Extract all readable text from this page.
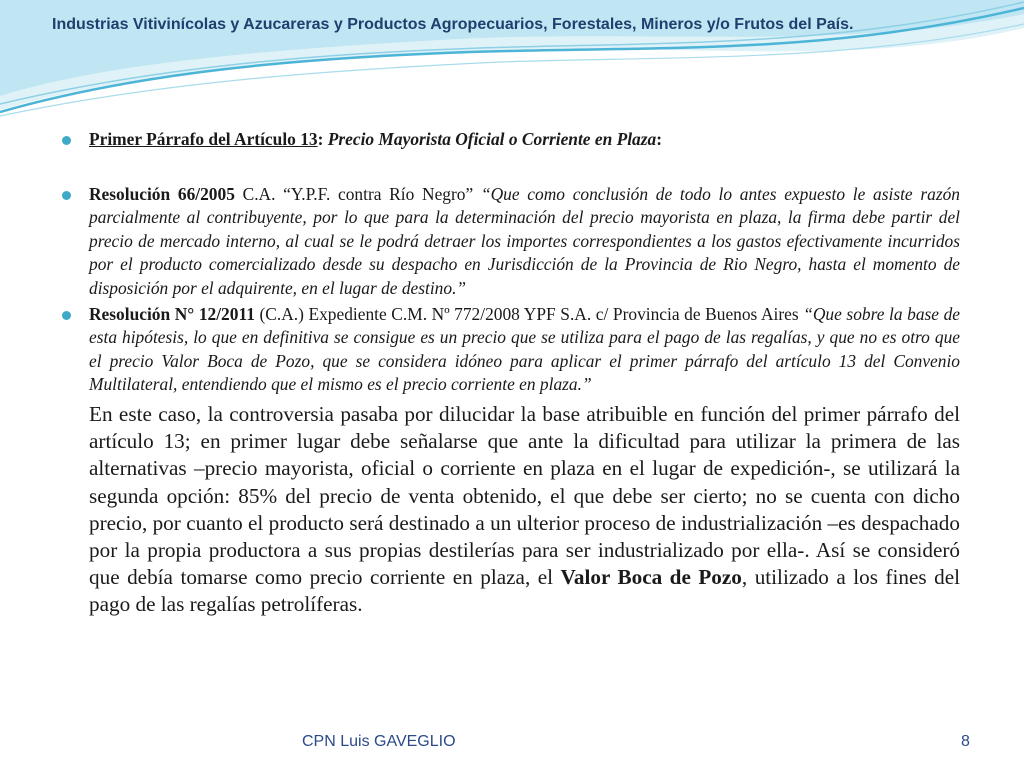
Industrias Vitivinícolas y Azucareras y Productos Agropecuarios, Forestales, Mineros y/o Frutos del País.
Primer Párrafo del Artículo 13: Precio Mayorista Oficial o Corriente en Plaza:
Resolución 66/2005 C.A. “Y.P.F. contra Río Negro” “Que como conclusión de todo lo antes expuesto le asiste razón parcialmente al contribuyente, por lo que para la determinación del precio mayorista en plaza, la firma debe partir del precio de mercado interno, al cual se le podrá detraer los importes correspondientes a los gastos efectivamente incurridos por el producto comercializado desde su despacho en Jurisdicción de la Provincia de Rio Negro, hasta el momento de disposición por el adquirente, en el lugar de destino.”
Resolución N° 12/2011 (C.A.) Expediente C.M. Nº 772/2008 YPF S.A. c/ Provincia de Buenos Aires “Que sobre la base de esta hipótesis, lo que en definitiva se consigue es un precio que se utiliza para el pago de las regalías, y que no es otro que el precio Valor Boca de Pozo, que se considera idóneo para aplicar el primer párrafo del artículo 13 del Convenio Multilateral, entendiendo que el mismo es el precio corriente en plaza.”
En este caso, la controversia pasaba por dilucidar la base atribuible en función del primer párrafo del artículo 13; en primer lugar debe señalarse que ante la dificultad para utilizar la primera de las alternativas –precio mayorista, oficial o corriente en plaza en el lugar de expedición-, se utilizará la segunda opción: 85% del precio de venta obtenido, el que debe ser cierto; no se cuenta con dicho precio, por cuanto el producto será destinado a un ulterior proceso de industrialización –es despachado por la propia productora a sus propias destilerías para ser industrializado por ella-. Así se consideró que debía tomarse como precio corriente en plaza, el Valor Boca de Pozo, utilizado a los fines del pago de las regalías petrolíferas.
CPN Luis GAVEGLIO	8
